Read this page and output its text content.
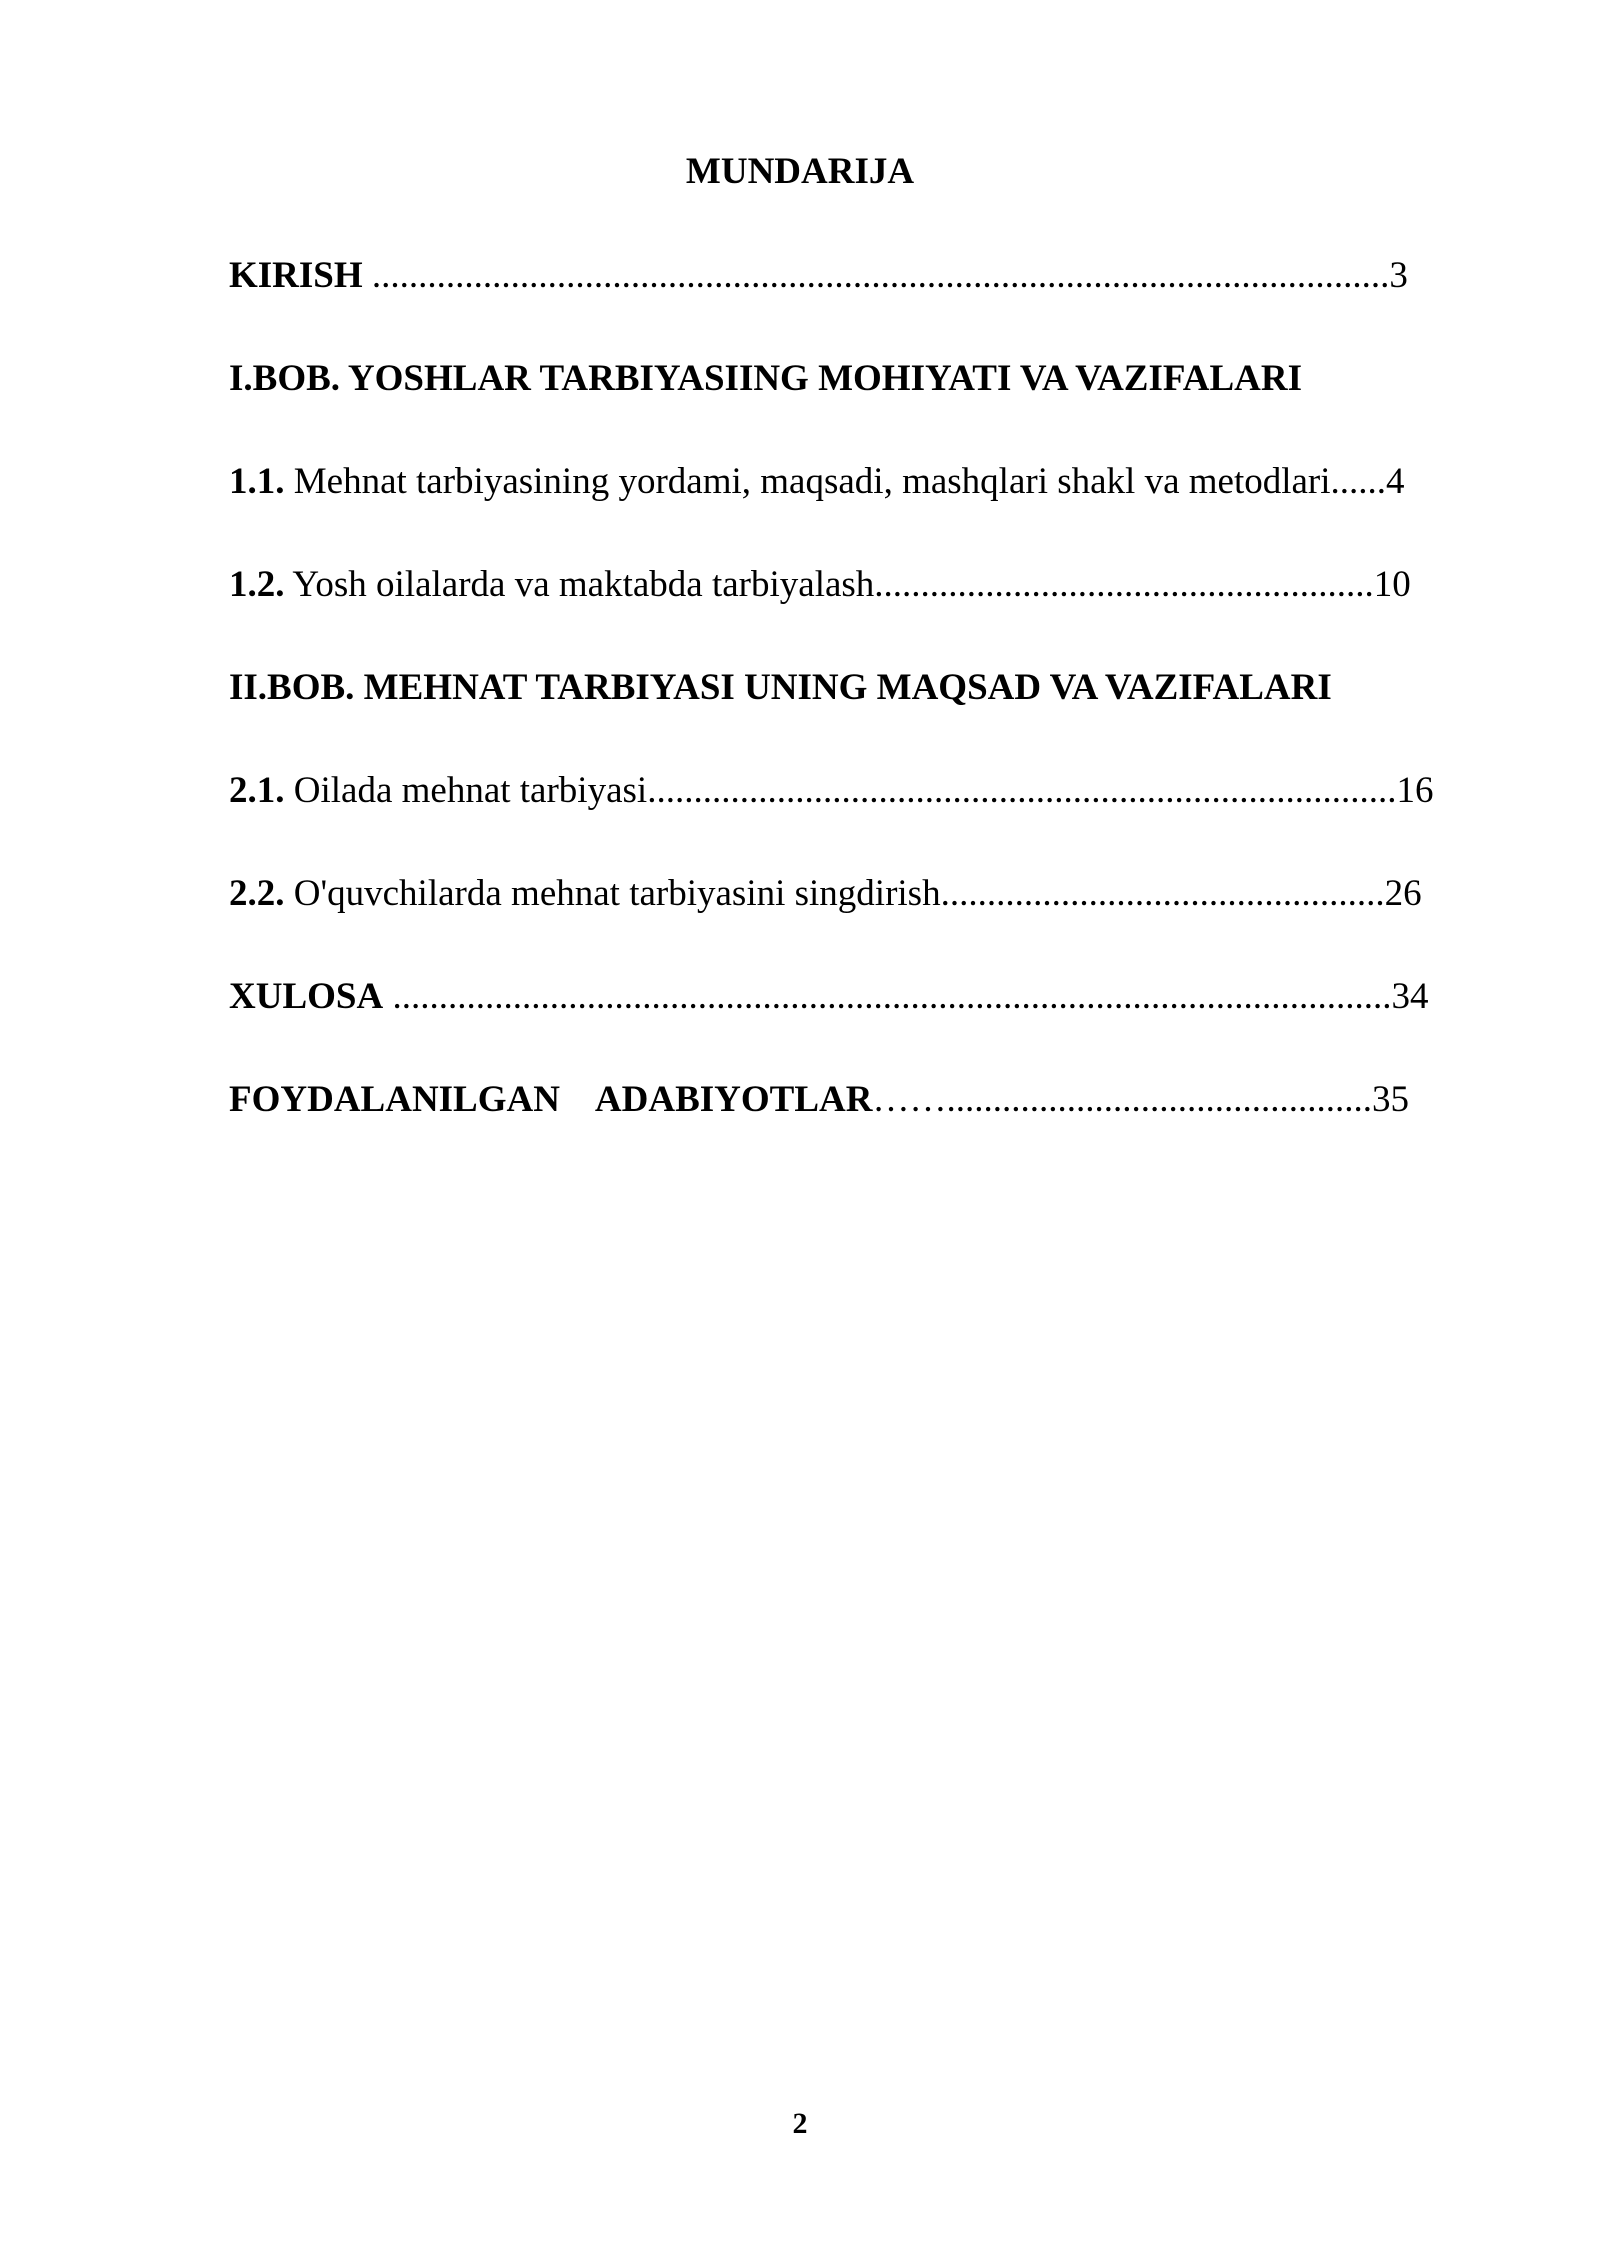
MUNDARIJA
KIRISH ..............................................................................................................3
I.BOB. YOSHLAR TARBIYASIING MOHIYATI VA VAZIFALARI
1.1. Mehnat tarbiyasining yordami, maqsadi, mashqlari shakl va metodlari......4
1.2. Yosh oilalarda va maktabda tarbiyalash......................................................10
II.BOB. MEHNAT TARBIYASI UNING MAQSAD VA VAZIFALARI
2.1. Oilada mehnat tarbiyasi.................................................................................16
2.2. O'quvchilarda mehnat tarbiyasini singdirish................................................26
XULOSA ............................................................................................................34
FOYDALANILGAN    ADABIYOTLAR……..............................................35
2
